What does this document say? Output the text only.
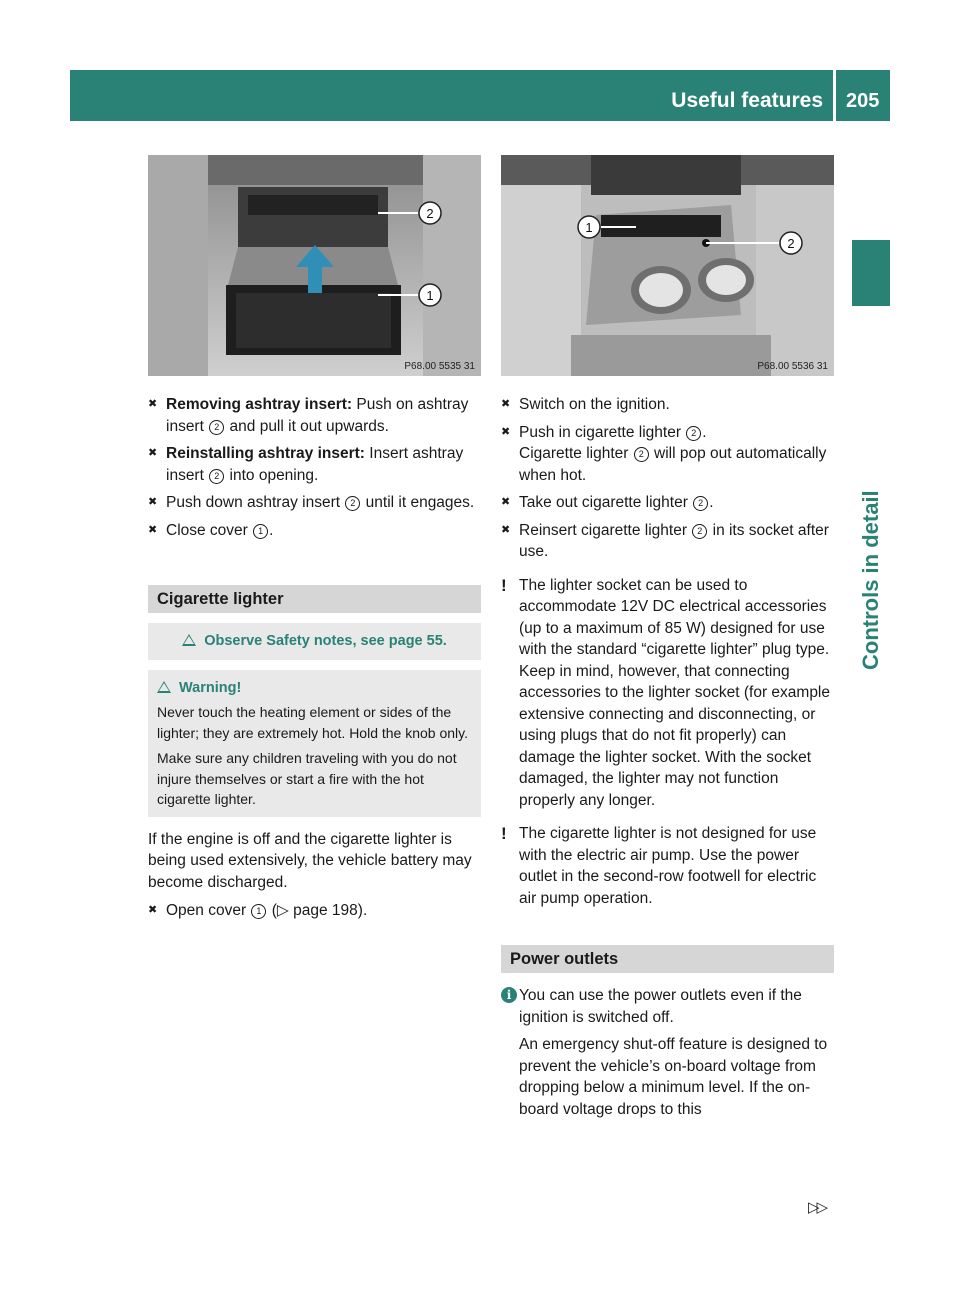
Useful features	205
Controls in detail
2
1
P68.00 5535 31
1
2
P68.00 5536 31
✖ Removing ashtray insert: Push on ashtray insert 2 and pull it out upwards.
✖ Reinstalling ashtray insert: Insert ashtray insert 2 into opening.
✖ Push down ashtray insert 2 until it engages.
✖ Close cover 1 .
Cigarette lighter
Observe Safety notes, see page 55.
Warning!
Never touch the heating element or sides of the lighter; they are extremely hot. Hold the knob only.
Make sure any children traveling with you do not injure themselves or start a fire with the hot cigarette lighter.
If the engine is off and the cigarette lighter is being used extensively, the vehicle battery may become discharged.
✖ Open cover 1 (▷ page 198).
✖ Switch on the ignition.
✖ Push in cigarette lighter 2 .
Cigarette lighter 2 will pop out automatically when hot.
✖ Take out cigarette lighter 2 .
✖ Reinsert cigarette lighter 2 in its socket after use.
! The lighter socket can be used to accommodate 12V DC electrical accessories (up to a maximum of 85 W) designed for use with the standard “cigarette lighter” plug type. Keep in mind, however, that connecting accessories to the lighter socket (for example extensive connecting and disconnecting, or using plugs that do not fit properly) can damage the lighter socket. With the socket damaged, the lighter may not function properly any longer.
! The cigarette lighter is not designed for use with the electric air pump. Use the power outlet in the second-row footwell for electric air pump operation.
Power outlets
i You can use the power outlets even if the ignition is switched off.
An emergency shut-off feature is designed to prevent the vehicle’s on-board voltage from dropping below a minimum level. If the on-board voltage drops to this
▷▷
